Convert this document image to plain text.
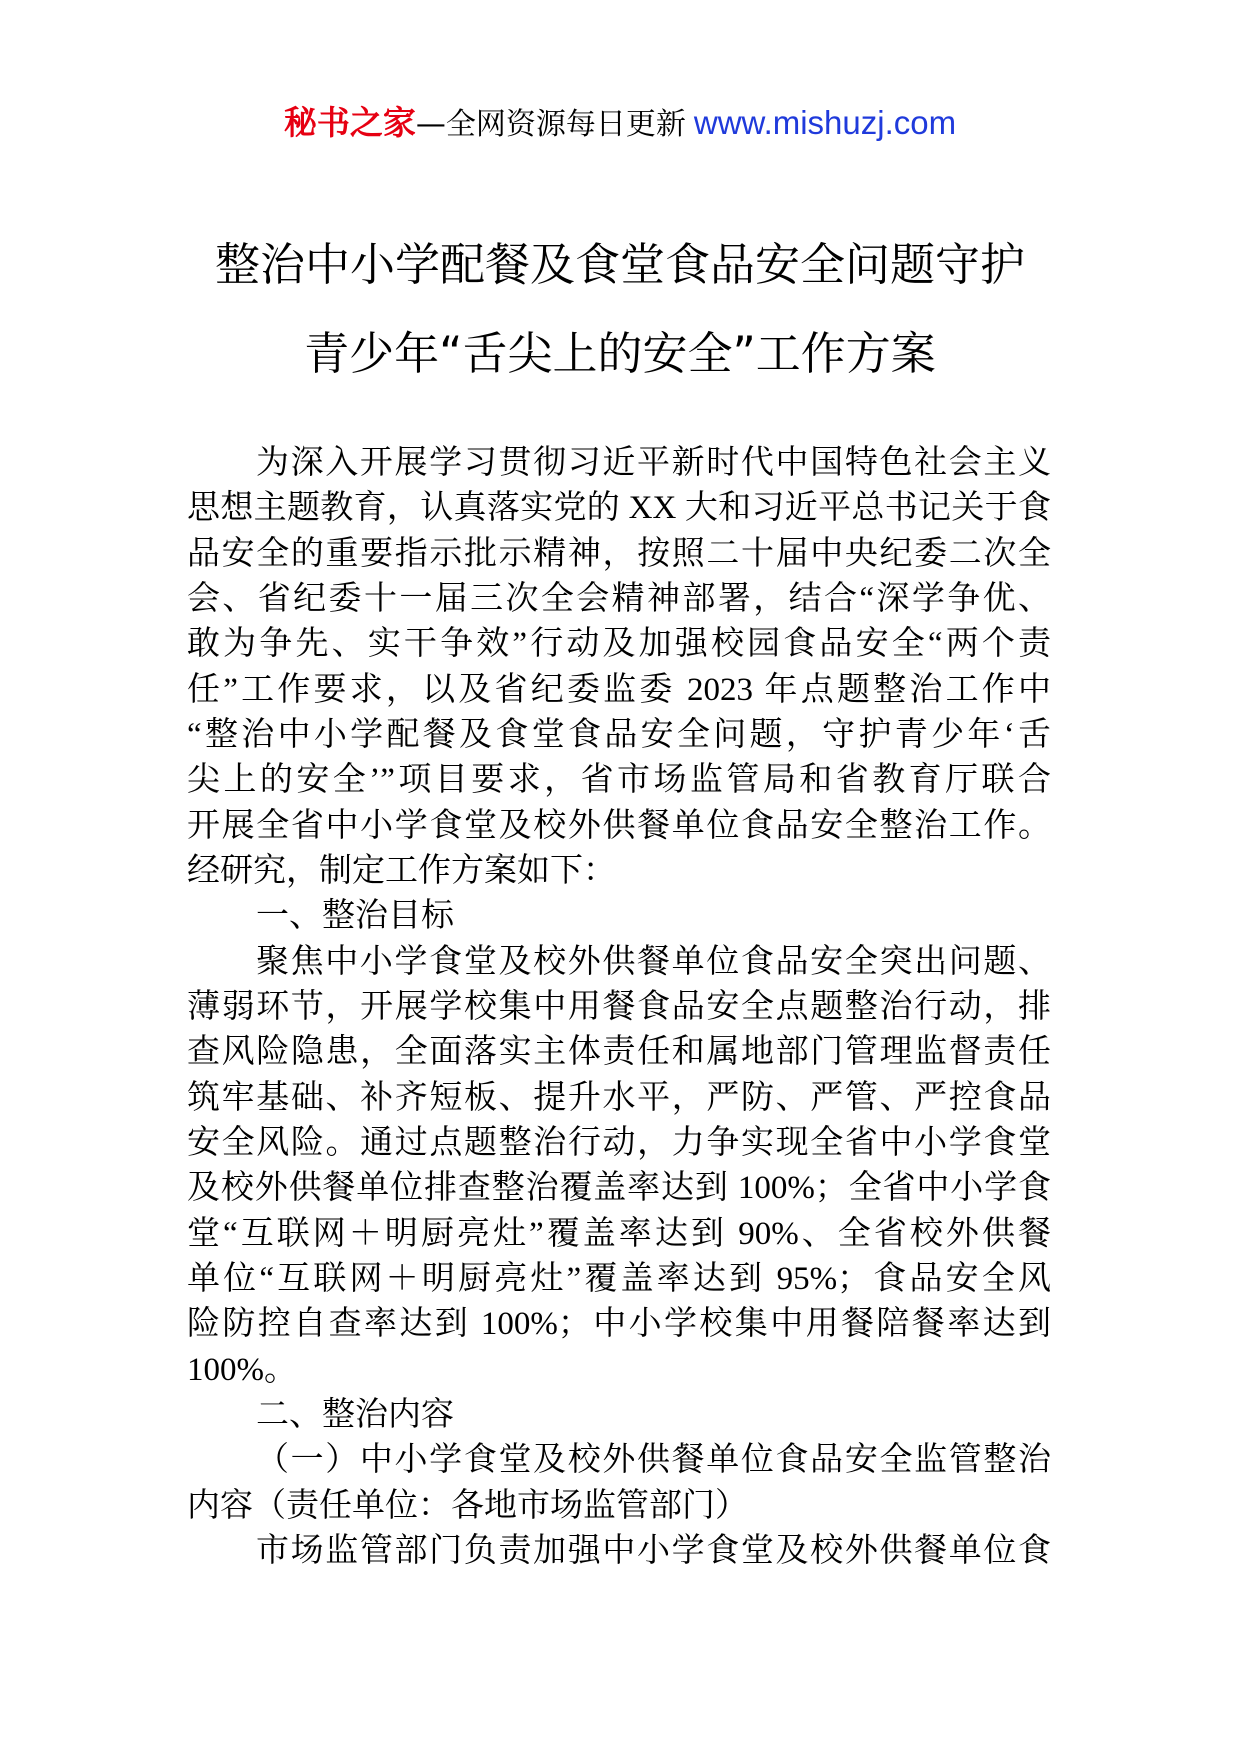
秘书之家—全网资源每日更新 www.mishuzj.com
整治中小学配餐及食堂食品安全问题守护
青少年“舌尖上的安全”工作方案
为深入开展学习贯彻习近平新时代中国特色社会主义
思想主题教育，认真落实党的 XX 大和习近平总书记关于食
品安全的重要指示批示精神，按照二十届中央纪委二次全
会、省纪委十一届三次全会精神部署，结合“深学争优、
敢为争先、实干争效”行动及加强校园食品安全“两个责
任”工作要求，以及省纪委监委 2023 年点题整治工作中
“整治中小学配餐及食堂食品安全问题，守护青少年‘舌
尖上的安全’”项目要求，省市场监管局和省教育厅联合
开展全省中小学食堂及校外供餐单位食品安全整治工作。
经研究，制定工作方案如下：
一、整治目标
聚焦中小学食堂及校外供餐单位食品安全突出问题、
薄弱环节，开展学校集中用餐食品安全点题整治行动，排
查风险隐患，全面落实主体责任和属地部门管理监督责任
筑牢基础、补齐短板、提升水平，严防、严管、严控食品
安全风险。通过点题整治行动，力争实现全省中小学食堂
及校外供餐单位排查整治覆盖率达到 100%；全省中小学食
堂“互联网＋明厨亮灶”覆盖率达到 90%、全省校外供餐
单位“互联网＋明厨亮灶”覆盖率达到 95%；食品安全风
险防控自查率达到 100%；中小学校集中用餐陪餐率达到
100%。
二、整治内容
（一）中小学食堂及校外供餐单位食品安全监管整治
内容（责任单位：各地市场监管部门）
市场监管部门负责加强中小学食堂及校外供餐单位食
